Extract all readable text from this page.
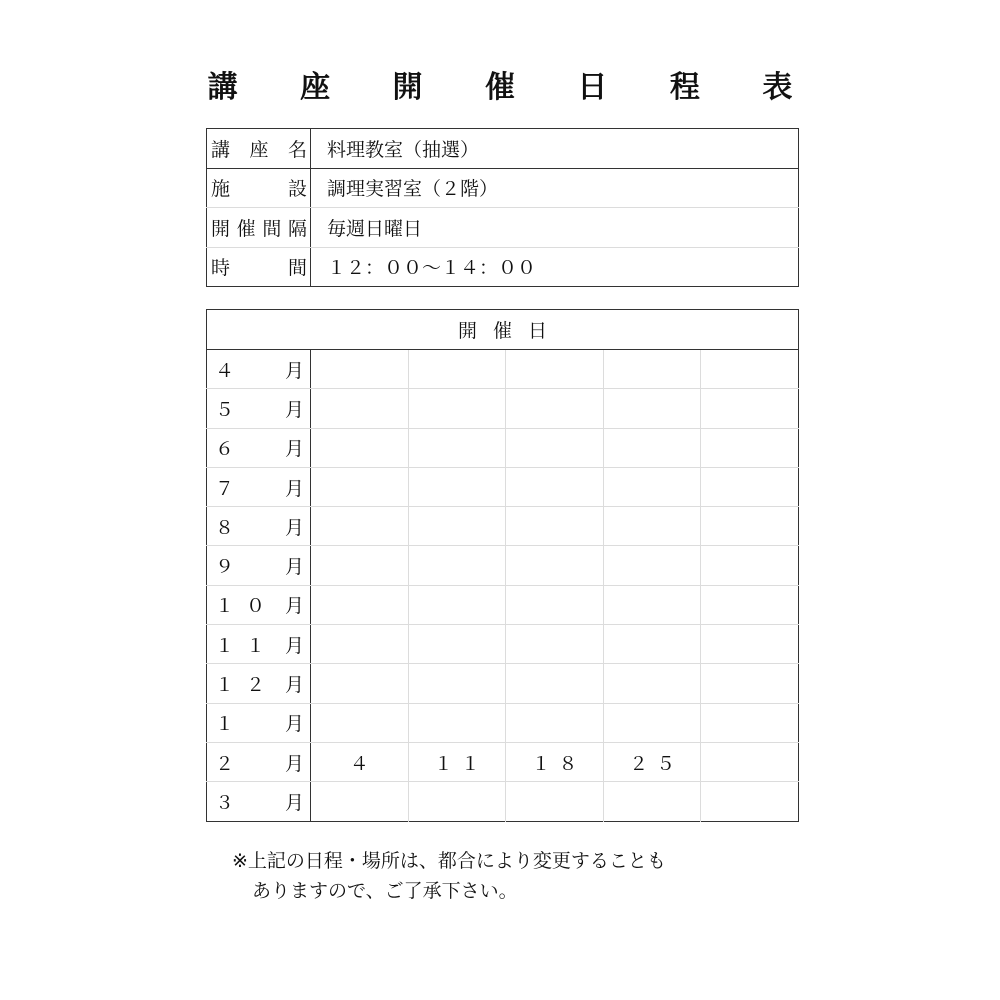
講 座 開 催 日 程 表
講 座 名	料理教室（抽選）

施 設	調理実習室（２階）

開 催 間 隔	毎週日曜日

時 間	１２：００〜１４：００
開催日					

４ 月					

５ 月					

６ 月					

７ 月					

８ 月					

９ 月					

１０ 月					

１１ 月					

１２ 月					

１ 月					

２ 月	４	１１	１８	２５	

３ 月					

※上記の日程・場所は、都合により変更することも
ありますので、ご了承下さい。
